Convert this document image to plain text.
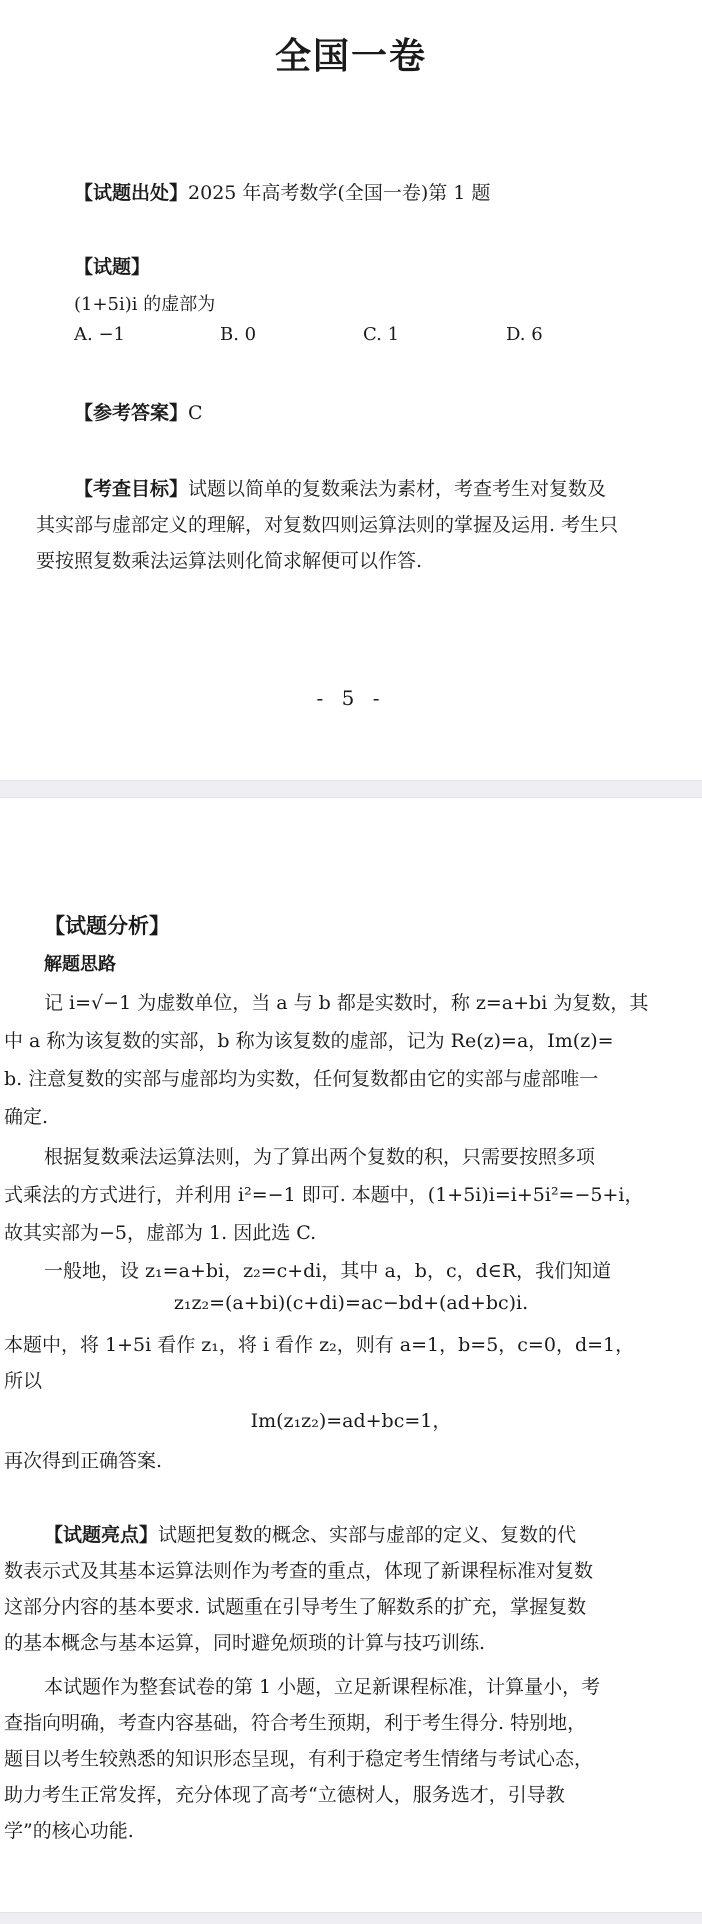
全国一卷
【试题出处】2025 年高考数学(全国一卷)第 1 题
【试题】
(1+5i)i 的虚部为
A. −1	B. 0	C. 1	D. 6
【参考答案】C
【考查目标】试题以简单的复数乘法为素材，考查考生对复数及
其实部与虚部定义的理解，对复数四则运算法则的掌握及运用. 考生只
要按照复数乘法运算法则化简求解便可以作答.
- 5 -
【试题分析】
解题思路
记 i=√−1 为虚数单位，当 a 与 b 都是实数时，称 z=a+bi 为复数，其
中 a 称为该复数的实部，b 称为该复数的虚部，记为 Re(z)=a，Im(z)=
b. 注意复数的实部与虚部均为实数，任何复数都由它的实部与虚部唯一
确定.
根据复数乘法运算法则，为了算出两个复数的积，只需要按照多项
式乘法的方式进行，并利用 i²=−1 即可. 本题中，(1+5i)i=i+5i²=−5+i，
故其实部为−5，虚部为 1. 因此选 C.
一般地，设 z₁=a+bi，z₂=c+di，其中 a，b，c，d∈R，我们知道
z₁z₂=(a+bi)(c+di)=ac−bd+(ad+bc)i.
本题中，将 1+5i 看作 z₁，将 i 看作 z₂，则有 a=1，b=5，c=0，d=1，
所以
Im(z₁z₂)=ad+bc=1，
再次得到正确答案.
【试题亮点】试题把复数的概念、实部与虚部的定义、复数的代
数表示式及其基本运算法则作为考查的重点，体现了新课程标准对复数
这部分内容的基本要求. 试题重在引导考生了解数系的扩充，掌握复数
的基本概念与基本运算，同时避免烦琐的计算与技巧训练.
本试题作为整套试卷的第 1 小题，立足新课程标准，计算量小，考
查指向明确，考查内容基础，符合考生预期，利于考生得分. 特别地，
题目以考生较熟悉的知识形态呈现，有利于稳定考生情绪与考试心态，
助力考生正常发挥，充分体现了高考“立德树人，服务选才，引导教
学”的核心功能.
